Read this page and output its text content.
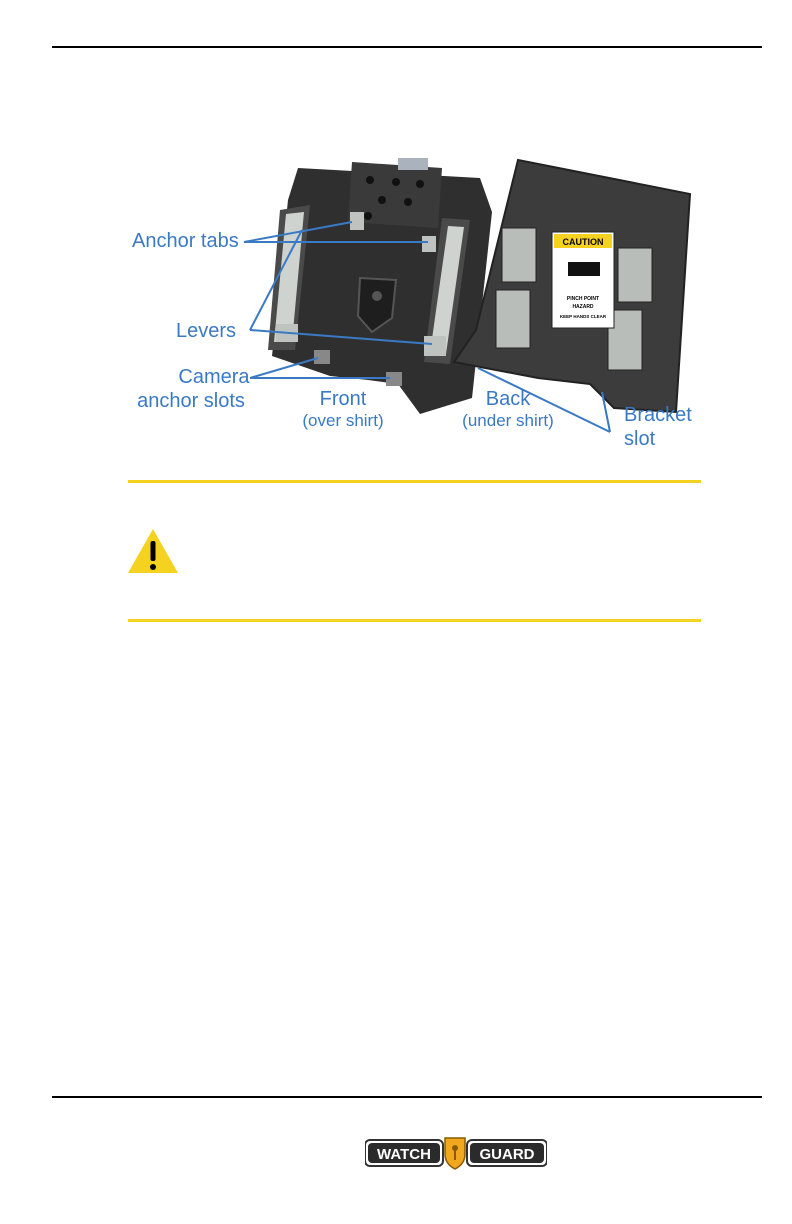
CAUTION
PINCH POINT
HAZARD
KEEP HANDS CLEAR
Anchor tabs
Levers
Camera
anchor slots	Front
(over shirt)
Back
(under shirt)	Bracket
slot
WATCH	GUARD
